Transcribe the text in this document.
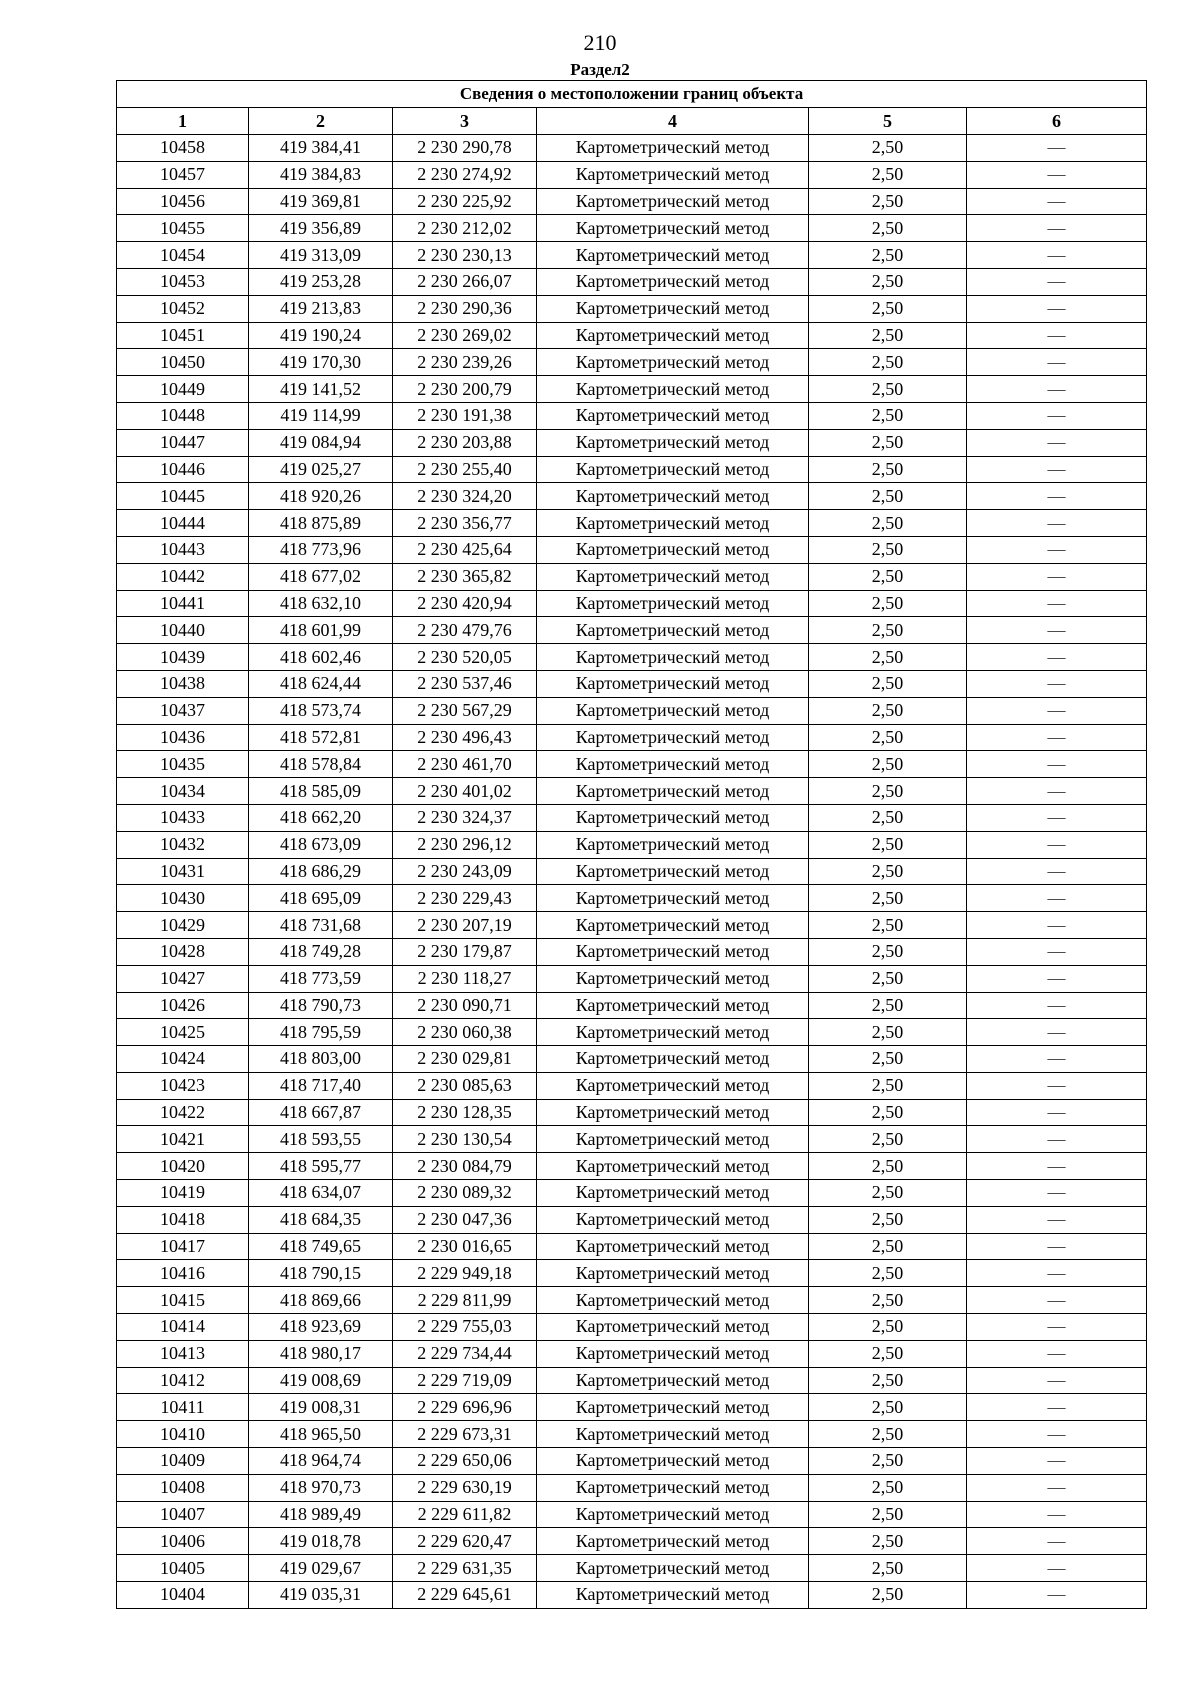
210
Раздел2
Сведения о местоположении границ объекта					
1	2	3	4	5	6
10458	419 384,41	2 230 290,78	Картометрический метод	2,50	—
10457	419 384,83	2 230 274,92	Картометрический метод	2,50	—
10456	419 369,81	2 230 225,92	Картометрический метод	2,50	—
10455	419 356,89	2 230 212,02	Картометрический метод	2,50	—
10454	419 313,09	2 230 230,13	Картометрический метод	2,50	—
10453	419 253,28	2 230 266,07	Картометрический метод	2,50	—
10452	419 213,83	2 230 290,36	Картометрический метод	2,50	—
10451	419 190,24	2 230 269,02	Картометрический метод	2,50	—
10450	419 170,30	2 230 239,26	Картометрический метод	2,50	—
10449	419 141,52	2 230 200,79	Картометрический метод	2,50	—
10448	419 114,99	2 230 191,38	Картометрический метод	2,50	—
10447	419 084,94	2 230 203,88	Картометрический метод	2,50	—
10446	419 025,27	2 230 255,40	Картометрический метод	2,50	—
10445	418 920,26	2 230 324,20	Картометрический метод	2,50	—
10444	418 875,89	2 230 356,77	Картометрический метод	2,50	—
10443	418 773,96	2 230 425,64	Картометрический метод	2,50	—
10442	418 677,02	2 230 365,82	Картометрический метод	2,50	—
10441	418 632,10	2 230 420,94	Картометрический метод	2,50	—
10440	418 601,99	2 230 479,76	Картометрический метод	2,50	—
10439	418 602,46	2 230 520,05	Картометрический метод	2,50	—
10438	418 624,44	2 230 537,46	Картометрический метод	2,50	—
10437	418 573,74	2 230 567,29	Картометрический метод	2,50	—
10436	418 572,81	2 230 496,43	Картометрический метод	2,50	—
10435	418 578,84	2 230 461,70	Картометрический метод	2,50	—
10434	418 585,09	2 230 401,02	Картометрический метод	2,50	—
10433	418 662,20	2 230 324,37	Картометрический метод	2,50	—
10432	418 673,09	2 230 296,12	Картометрический метод	2,50	—
10431	418 686,29	2 230 243,09	Картометрический метод	2,50	—
10430	418 695,09	2 230 229,43	Картометрический метод	2,50	—
10429	418 731,68	2 230 207,19	Картометрический метод	2,50	—
10428	418 749,28	2 230 179,87	Картометрический метод	2,50	—
10427	418 773,59	2 230 118,27	Картометрический метод	2,50	—
10426	418 790,73	2 230 090,71	Картометрический метод	2,50	—
10425	418 795,59	2 230 060,38	Картометрический метод	2,50	—
10424	418 803,00	2 230 029,81	Картометрический метод	2,50	—
10423	418 717,40	2 230 085,63	Картометрический метод	2,50	—
10422	418 667,87	2 230 128,35	Картометрический метод	2,50	—
10421	418 593,55	2 230 130,54	Картометрический метод	2,50	—
10420	418 595,77	2 230 084,79	Картометрический метод	2,50	—
10419	418 634,07	2 230 089,32	Картометрический метод	2,50	—
10418	418 684,35	2 230 047,36	Картометрический метод	2,50	—
10417	418 749,65	2 230 016,65	Картометрический метод	2,50	—
10416	418 790,15	2 229 949,18	Картометрический метод	2,50	—
10415	418 869,66	2 229 811,99	Картометрический метод	2,50	—
10414	418 923,69	2 229 755,03	Картометрический метод	2,50	—
10413	418 980,17	2 229 734,44	Картометрический метод	2,50	—
10412	419 008,69	2 229 719,09	Картометрический метод	2,50	—
10411	419 008,31	2 229 696,96	Картометрический метод	2,50	—
10410	418 965,50	2 229 673,31	Картометрический метод	2,50	—
10409	418 964,74	2 229 650,06	Картометрический метод	2,50	—
10408	418 970,73	2 229 630,19	Картометрический метод	2,50	—
10407	418 989,49	2 229 611,82	Картометрический метод	2,50	—
10406	419 018,78	2 229 620,47	Картометрический метод	2,50	—
10405	419 029,67	2 229 631,35	Картометрический метод	2,50	—
10404	419 035,31	2 229 645,61	Картометрический метод	2,50	—
